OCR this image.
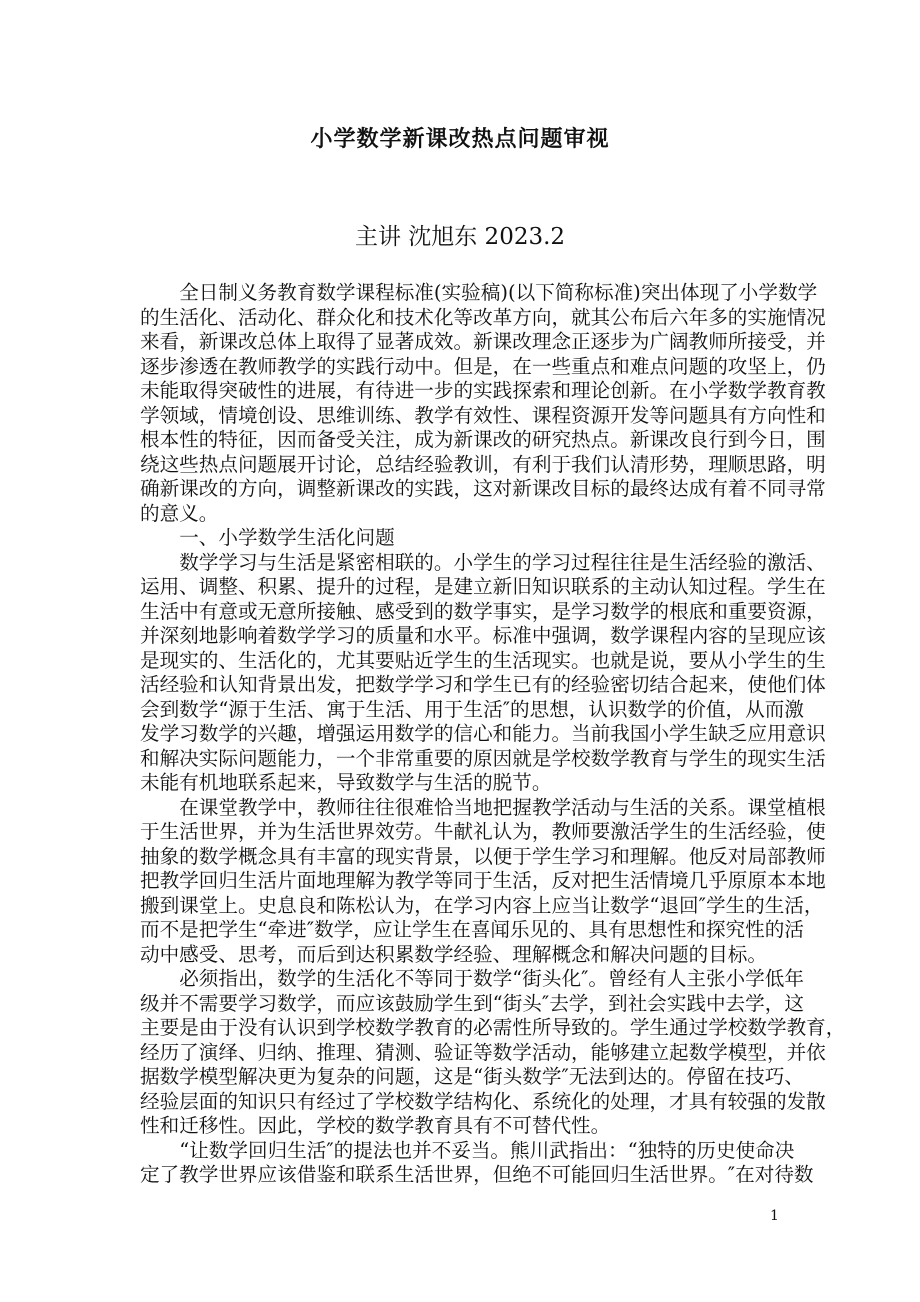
小学数学新课改热点问题审视
主讲 沈旭东 2023.2
全日制义务教育数学课程标准(实验稿)(以下简称标准)突出体现了小学数学
的生活化、活动化、群众化和技术化等改革方向，就其公布后六年多的实施情况
来看，新课改总体上取得了显著成效。新课改理念正逐步为广阔教师所接受，并
逐步渗透在教师教学的实践行动中。但是，在一些重点和难点问题的攻坚上，仍
未能取得突破性的进展，有待进一步的实践探索和理论创新。在小学数学教育教
学领域，情境创设、思维训练、教学有效性、课程资源开发等问题具有方向性和
根本性的特征，因而备受关注，成为新课改的研究热点。新课改良行到今日，围
绕这些热点问题展开讨论，总结经验教训，有利于我们认清形势，理顺思路，明
确新课改的方向，调整新课改的实践，这对新课改目标的最终达成有着不同寻常
的意义。
一、小学数学生活化问题
数学学习与生活是紧密相联的。小学生的学习过程往往是生活经验的激活、
运用、调整、积累、提升的过程，是建立新旧知识联系的主动认知过程。学生在
生活中有意或无意所接触、感受到的数学事实，是学习数学的根底和重要资源，
并深刻地影响着数学学习的质量和水平。标准中强调，数学课程内容的呈现应该
是现实的、生活化的，尤其要贴近学生的生活现实。也就是说，要从小学生的生
活经验和认知背景出发，把数学学习和学生已有的经验密切结合起来，使他们体
会到数学“源于生活、寓于生活、用于生活″的思想，认识数学的价值，从而激
发学习数学的兴趣，增强运用数学的信心和能力。当前我国小学生缺乏应用意识
和解决实际问题能力，一个非常重要的原因就是学校数学教育与学生的现实生活
未能有机地联系起来，导致数学与生活的脱节。
在课堂教学中，教师往往很难恰当地把握教学活动与生活的关系。课堂植根
于生活世界，并为生活世界效劳。牛献礼认为，教师要激活学生的生活经验，使
抽象的数学概念具有丰富的现实背景，以便于学生学习和理解。他反对局部教师
把教学回归生活片面地理解为教学等同于生活，反对把生活情境几乎原原本本地
搬到课堂上。史息良和陈松认为，在学习内容上应当让数学“退回″学生的生活，
而不是把学生“牵进″数学，应让学生在喜闻乐见的、具有思想性和探究性的活
动中感受、思考，而后到达积累数学经验、理解概念和解决问题的目标。
必须指出，数学的生活化不等同于数学“街头化″。曾经有人主张小学低年
级并不需要学习数学，而应该鼓励学生到“街头″去学，到社会实践中去学，这
主要是由于没有认识到学校数学教育的必需性所导致的。学生通过学校数学教育，
经历了演绎、归纳、推理、猜测、验证等数学活动，能够建立起数学模型，并依
据数学模型解决更为复杂的问题，这是“街头数学″无法到达的。停留在技巧、
经验层面的知识只有经过了学校数学结构化、系统化的处理，才具有较强的发散
性和迁移性。因此，学校的数学教育具有不可替代性。
“让数学回归生活″的提法也并不妥当。熊川武指出：“独特的历史使命决
定了教学世界应该借鉴和联系生活世界，但绝不可能回归生活世界。″在对待数
1
